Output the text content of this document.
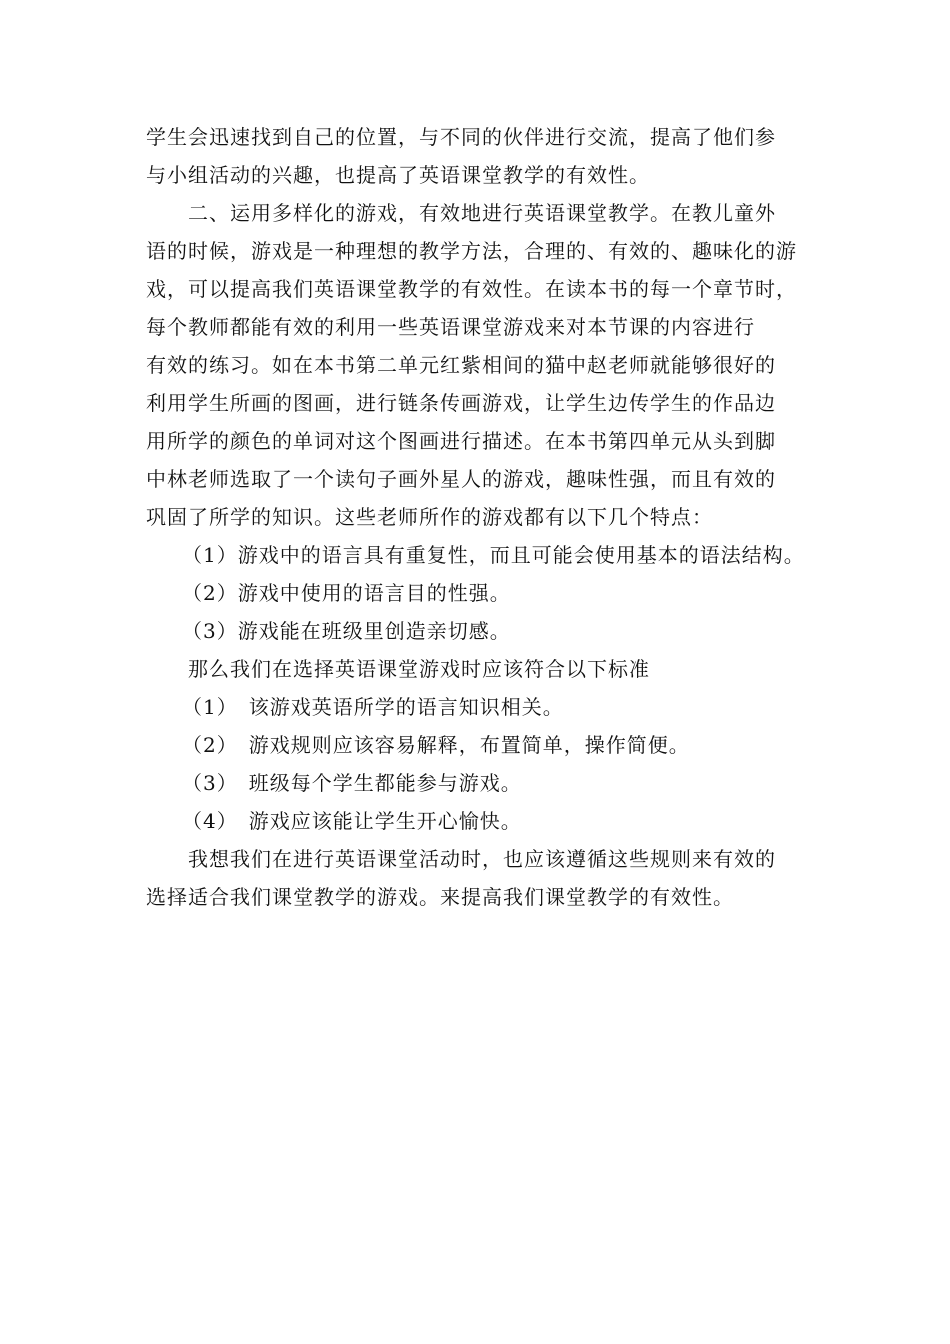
学生会迅速找到自己的位置，与不同的伙伴进行交流，提高了他们参
与小组活动的兴趣，也提高了英语课堂教学的有效性。
二、运用多样化的游戏，有效地进行英语课堂教学。在教儿童外
语的时候，游戏是一种理想的教学方法，合理的、有效的、趣味化的游
戏，可以提高我们英语课堂教学的有效性。在读本书的每一个章节时，
每个教师都能有效的利用一些英语课堂游戏来对本节课的内容进行
有效的练习。如在本书第二单元红紫相间的猫中赵老师就能够很好的
利用学生所画的图画，进行链条传画游戏，让学生边传学生的作品边
用所学的颜色的单词对这个图画进行描述。在本书第四单元从头到脚
中林老师选取了一个读句子画外星人的游戏，趣味性强，而且有效的
巩固了所学的知识。这些老师所作的游戏都有以下几个特点：
（1）游戏中的语言具有重复性，而且可能会使用基本的语法结构。
（2）游戏中使用的语言目的性强。
（3）游戏能在班级里创造亲切感。
那么我们在选择英语课堂游戏时应该符合以下标准
（1）　该游戏英语所学的语言知识相关。
（2）　游戏规则应该容易解释，布置简单，操作简便。
（3）　班级每个学生都能参与游戏。
（4）　游戏应该能让学生开心愉快。
我想我们在进行英语课堂活动时，也应该遵循这些规则来有效的
选择适合我们课堂教学的游戏。来提高我们课堂教学的有效性。
